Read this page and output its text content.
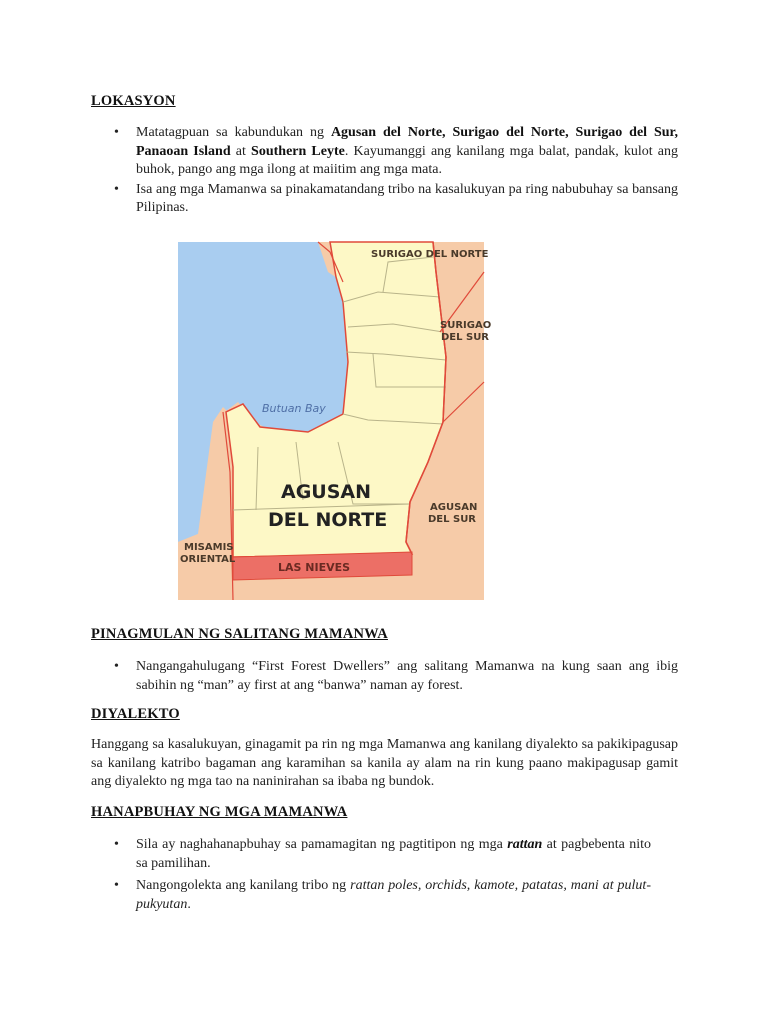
LOKASYON
• Matatagpuan sa kabundukan ng Agusan del Norte, Surigao del Norte, Surigao del Sur, Panaoan Island at Southern Leyte. Kayumanggi ang kanilang mga balat, pandak, kulot ang buhok, pango ang mga ilong at maiitim ang mga mata.
• Isa ang mga Mamanwa sa pinakamatandang tribo na kasalukuyan pa ring nabubuhay sa bansang Pilipinas.
SURIGAO DEL NORTE
SURIGAO
DEL SUR
Butuan Bay
AGUSAN
DEL NORTE
AGUSAN
DEL SUR
MISAMIS
ORIENTAL
LAS NIEVES
PINAGMULAN NG SALITANG MAMANWA
• Nangangahulugang “First Forest Dwellers” ang salitang Mamanwa na kung saan ang ibig sabihin ng “man” ay first at ang “banwa” naman ay forest.
DIYALEKTO
Hanggang sa kasalukuyan, ginagamit pa rin ng mga Mamanwa ang kanilang diyalekto sa pakikipagusap sa kanilang katribo bagaman ang karamihan sa kanila ay alam na rin kung paano makipagusap gamit ang diyalekto ng mga tao na naninirahan sa ibaba ng bundok.
HANAPBUHAY NG MGA MAMANWA
• Sila ay naghahanapbuhay sa pamamagitan ng pagtitipon ng mga rattan at pagbebenta nito sa pamilihan.
• Nangongolekta ang kanilang tribo ng rattan poles, orchids, kamote, patatas, mani at pulut-pukyutan.
